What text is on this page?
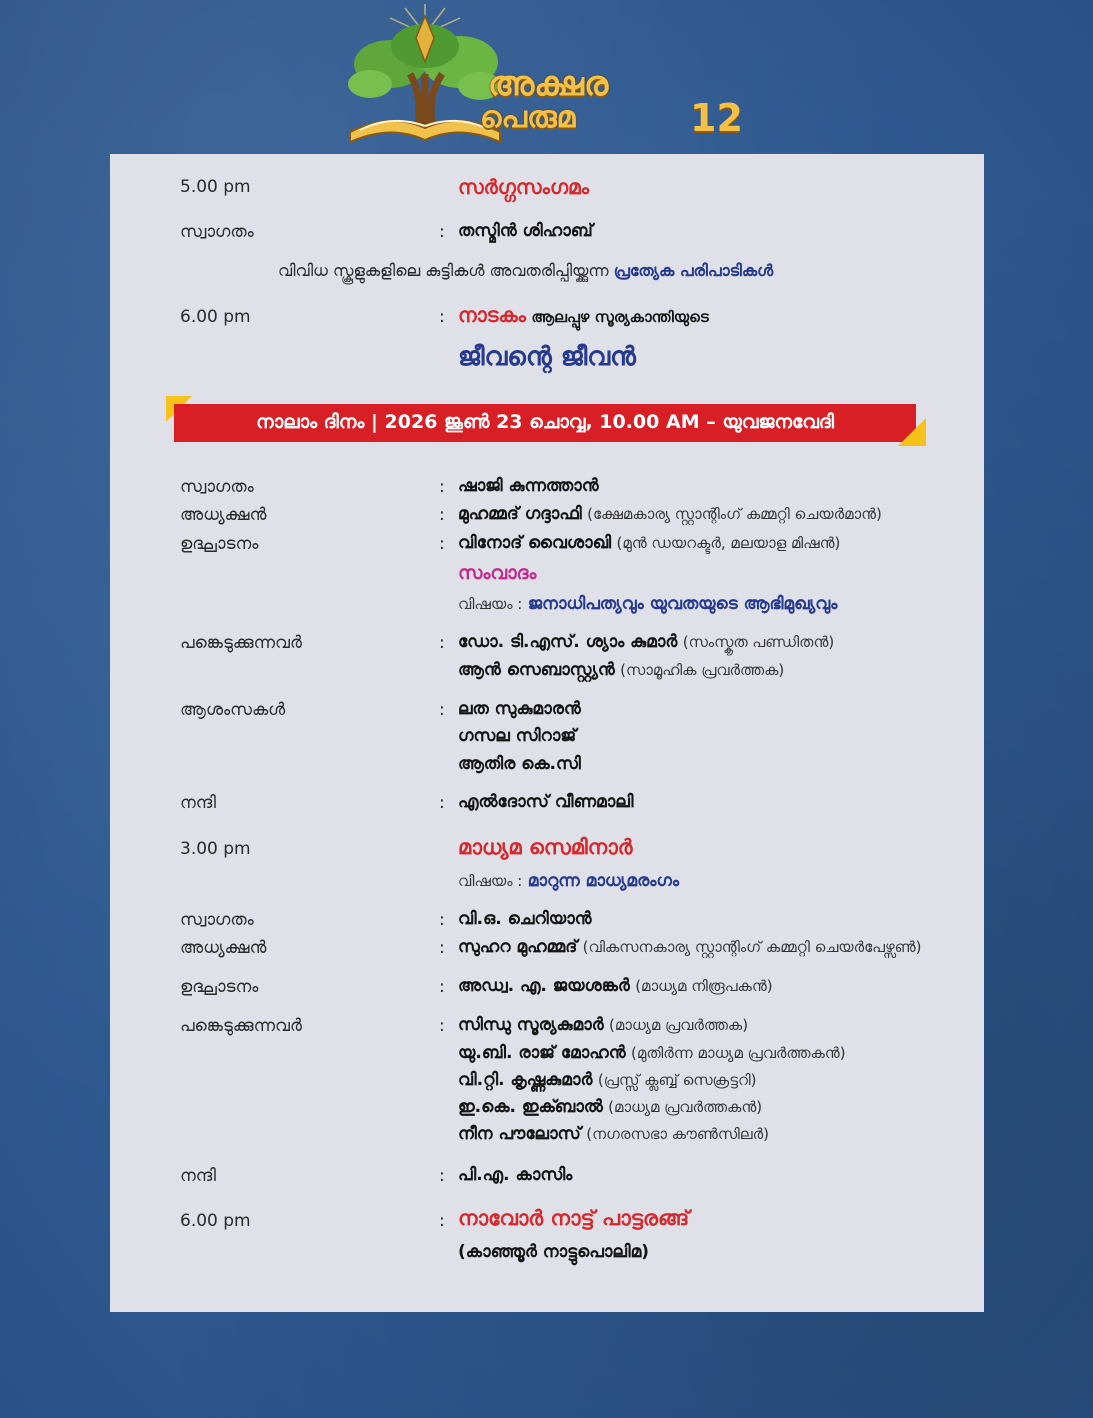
അക്ഷര
പെരുമ	12
5.00 pm	സർഗ്ഗസംഗമം
സ്വാഗതം	: തസ്മിൻ ശിഹാബ്
വിവിധ സ്കൂളുകളിലെ കുട്ടികൾ അവതരിപ്പിയ്ക്കുന്ന പ്രത്യേക പരിപാടികൾ
6.00 pm	: നാടകം ആലപ്പുഴ സൂര്യകാന്തിയുടെ
ജീവന്റെ ജീവൻ
നാലാം ദിനം | 2026 ജൂൺ 23 ചൊവ്വ, 10.00 AM – യുവജനവേദി
സ്വാഗതം	: ഷാജി കുന്നത്താൻ
അധ്യക്ഷൻ	: മുഹമ്മദ് ഗദ്ദാഫി (ക്ഷേമകാര്യ സ്റ്റാന്റിംഗ് കമ്മറ്റി ചെയർമാൻ)
ഉദ്ഘാടനം	: വിനോദ് വൈശാഖി (മുൻ ഡയറക്ടർ, മലയാള മിഷൻ)
സംവാദം
വിഷയം : ജനാധിപത്യവും യുവതയുടെ ആഭിമുഖ്യവും
പങ്കെടുക്കുന്നവർ	: ഡോ. ടി.എസ്. ശ്യാം കുമാർ (സംസ്കൃത പണ്ഡിതൻ)
ആൻ സെബാസ്റ്റ്യൻ (സാമൂഹിക പ്രവർത്തക)
ആശംസകൾ	: ലത സുകുമാരൻ
ഗസല സിറാജ്
ആതിര കെ.സി
നന്ദി	: എൽദോസ് വീണമാലി
3.00 pm	മാധ്യമ സെമിനാർ
വിഷയം : മാറുന്ന മാധ്യമരംഗം
സ്വാഗതം	: വി.ഒ. ചെറിയാൻ
അധ്യക്ഷൻ	: സുഹറ മുഹമ്മദ് (വികസനകാര്യ സ്റ്റാന്റിംഗ് കമ്മറ്റി ചെയർപേഴ്സൺ)
ഉദ്ഘാടനം	: അഡ്വ. എ. ജയശങ്കർ (മാധ്യമ നിരൂപകൻ)
പങ്കെടുക്കുന്നവർ	: സിന്ധു സൂര്യകുമാർ (മാധ്യമ പ്രവർത്തക)
യു.ബി. രാജ് മോഹൻ (മുതിർന്ന മാധ്യമ പ്രവർത്തകൻ)
വി.റ്റി. കൃഷ്ണകുമാർ (പ്രസ്സ് ക്ലബ്ബ് സെക്രട്ടറി)
ഇ.കെ. ഇക്ബാൽ (മാധ്യമ പ്രവർത്തകൻ)
നീന പൗലോസ് (നഗരസഭാ കൗൺസിലർ)
നന്ദി	: പി.എ. കാസിം
6.00 pm	: നാവോർ നാട്ട് പാട്ടരങ്ങ്
(കാഞ്ഞൂർ നാട്ടുപൊലിമ)
